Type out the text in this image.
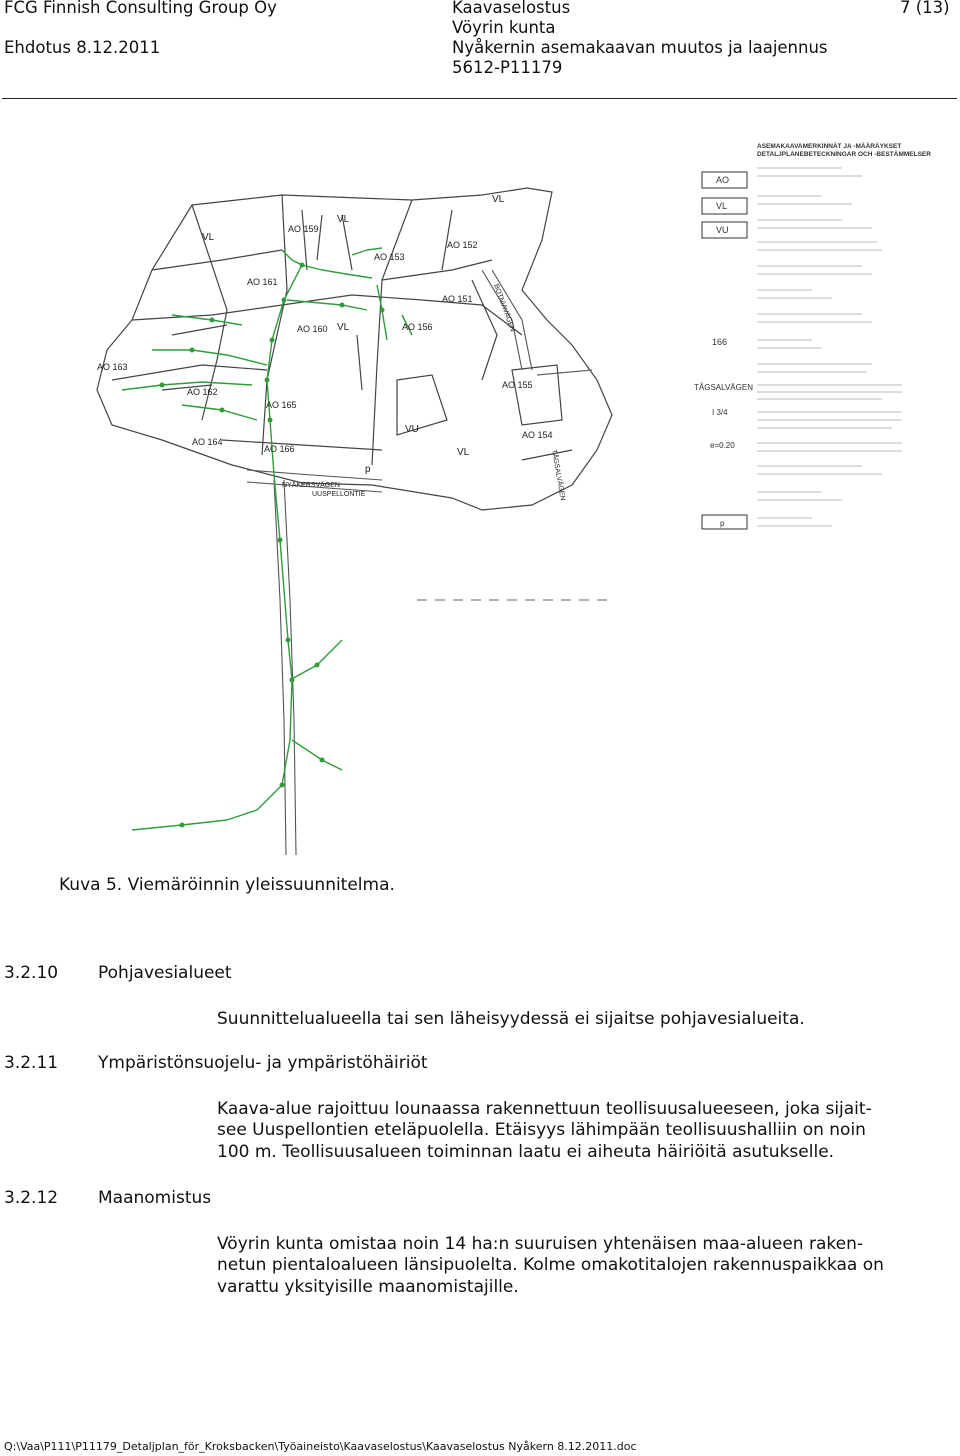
FCG Finnish Consulting Group Oy
Ehdotus 8.12.2011
Kaavaselostus
Vöyrin kunta
Nyåkernin asemakaavan muutos ja laajennus
5612-P11179
7 (13)
VL
VL
VL
VL
VL
VU
p
AO 159
AO 153
AO 152
AO 161
AO 151
AO 160	AO 156
AO 163
AO 162
AO 165
AO 155
AO 164
AO 166
AO 154
NYÅKERSVÄGEN
UUSPELLONTIE
BOTNIAVÄGEN
TÅGSALVÄGEN
ASEMAKAAVAMERKINNÄT JA -MÄÄRÄYKSET
DETALJPLANEBETECKNINGAR OCH -BESTÄMMELSER
AO
VL
VU
166
TÅGSALVÄGEN
I 3/4
e=0.20
p
Kuva 5. Viemäröinnin yleissuunnitelma.
3.2.10 Pohjavesialueet
Suunnittelualueella tai sen läheisyydessä ei sijaitse pohjavesialueita.
3.2.11 Ympäristönsuojelu- ja ympäristöhäiriöt
Kaava-alue rajoittuu lounaassa rakennettuun teollisuusalueeseen, joka sijait-
see Uuspellontien eteläpuolella. Etäisyys lähimpään teollisuushalliin on noin
100 m. Teollisuusalueen toiminnan laatu ei aiheuta häiriöitä asutukselle.
3.2.12 Maanomistus
Vöyrin kunta omistaa noin 14 ha:n suuruisen yhtenäisen maa-alueen raken-
netun pientaloalueen länsipuolelta. Kolme omakotitalojen rakennuspaikkaa on
varattu yksityisille maanomistajille.
Q:\Vaa\P111\P11179_Detaljplan_för_Kroksbacken\Työaineisto\Kaavaselostus\Kaavaselostus Nyåkern 8.12.2011.doc
